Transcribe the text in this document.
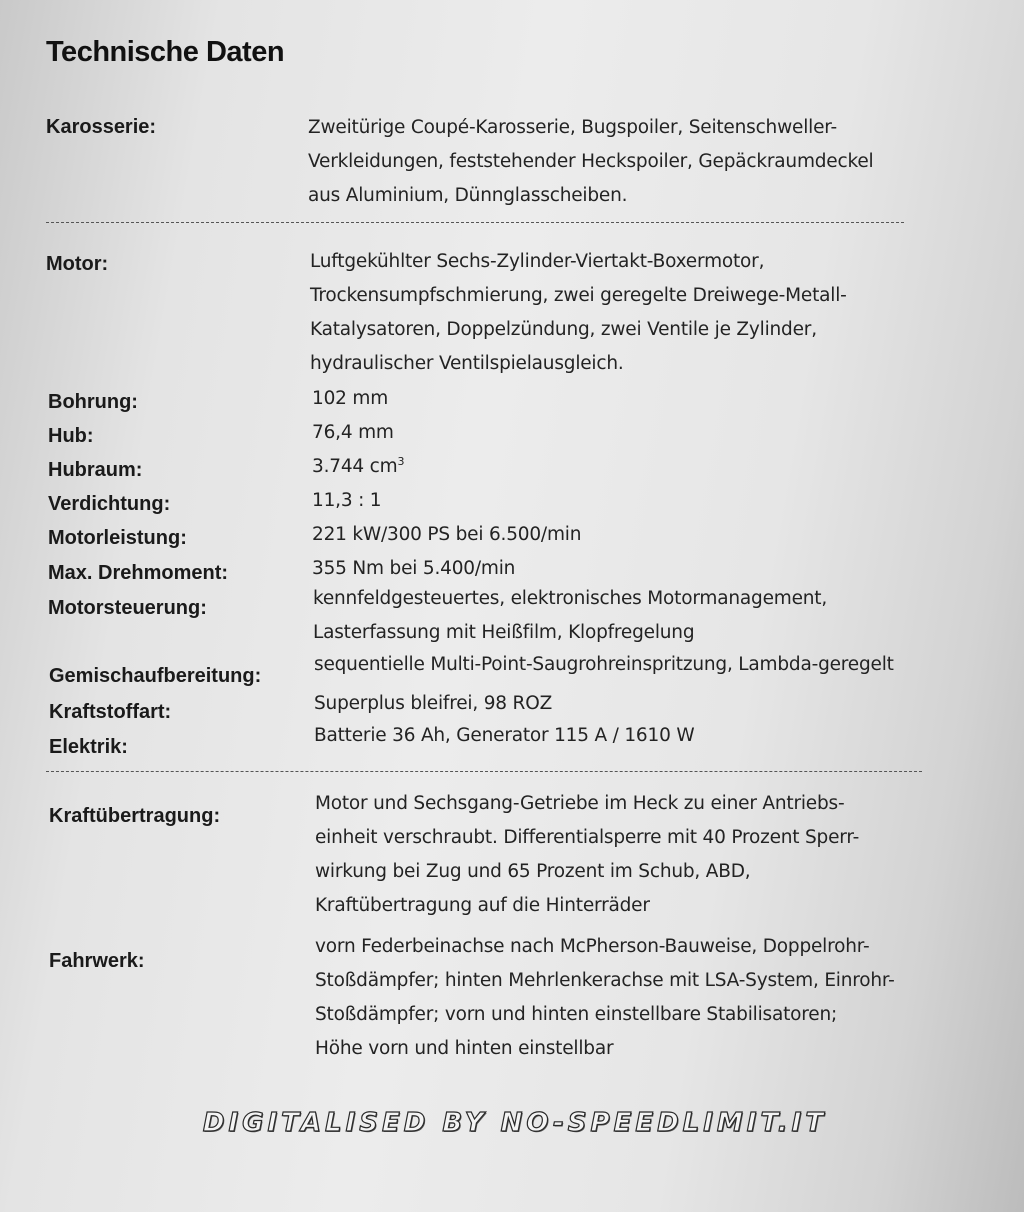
Technische Daten
Karosserie:	Zweitürige Coupé-Karosserie, Bugspoiler, Seitenschweller-
Verkleidungen, feststehender Heckspoiler, Gepäckraumdeckel
aus Aluminium, Dünnglasscheiben.
Motor:	Luftgekühlter Sechs-Zylinder-Viertakt-Boxermotor,
Trockensumpfschmierung, zwei geregelte Dreiwege-Metall-
Katalysatoren, Doppelzündung, zwei Ventile je Zylinder,
hydraulischer Ventilspielausgleich.
Bohrung:	102 mm
Hub:	76,4 mm
Hubraum:	3.744 $cm^3$
Verdichtung:	11,3 : 1
Motorleistung:	221 kW/300 PS bei 6.500/min
Max. Drehmoment:	355 Nm bei 5.400/min
Motorsteuerung:	kennfeldgesteuertes, elektronisches Motormanagement,
Lasterfassung mit Heißfilm, Klopfregelung
Gemischaufbereitung:
sequentielle Multi-Point-Saugrohreinspritzung, Lambda-geregelt
Kraftstoffart:	Superplus bleifrei, 98 ROZ
Elektrik:
Batterie 36 Ah, Generator 115 A / 1610 W
Kraftübertragung:
Motor und Sechsgang-Getriebe im Heck zu einer Antriebs-
einheit verschraubt. Differentialsperre mit 40 Prozent Sperr-
wirkung bei Zug und 65 Prozent im Schub, ABD,
Kraftübertragung auf die Hinterräder
Fahrwerk:
vorn Federbeinachse nach McPherson-Bauweise, Doppelrohr-
Stoßdämpfer; hinten Mehrlenkerachse mit LSA-System, Einrohr-
Stoßdämpfer; vorn und hinten einstellbare Stabilisatoren;
Höhe vorn und hinten einstellbar
DIGITALISED BY NO-SPEEDLIMIT.IT
